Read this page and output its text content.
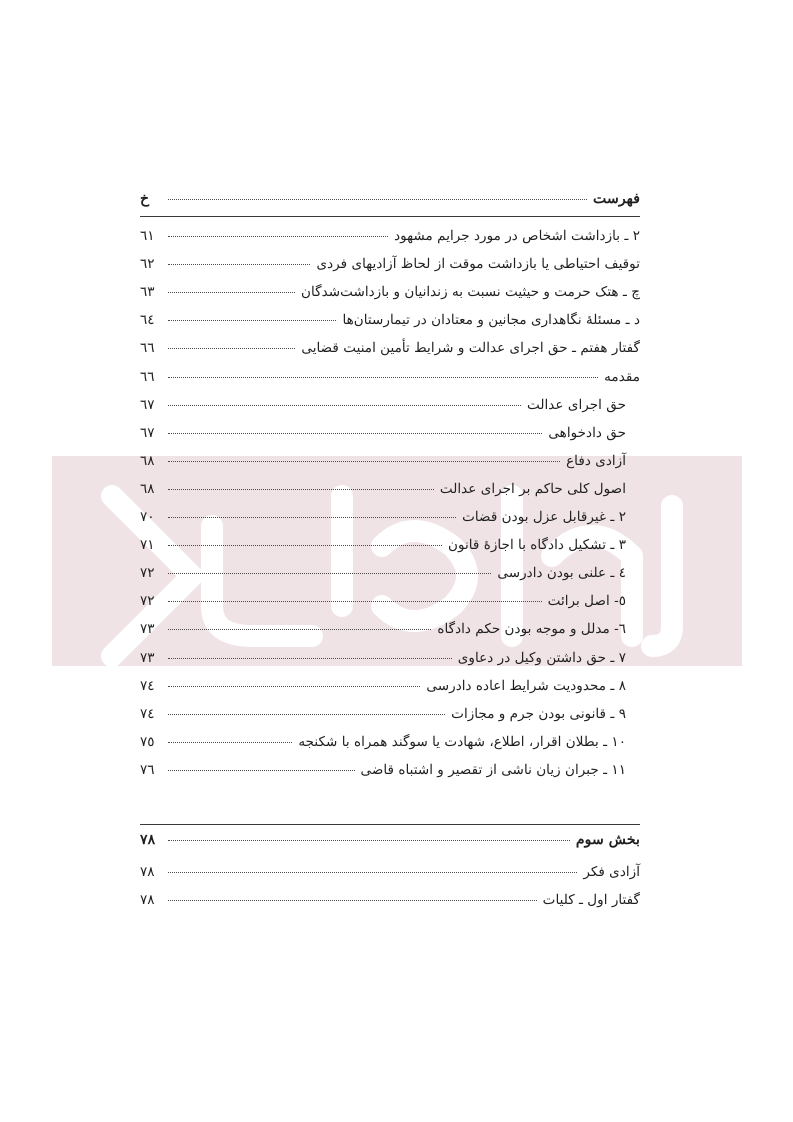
فهرست
خ
بخش سوم
٧٨
۲ ـ بازداشت اشخاص در مورد جرایم مشهود
٦١
توقیف احتیاطی یا بازداشت موقت از لحاظ آزادیهای فردی
٦٢
چ ـ هتک حرمت و حیثیت نسبت به زندانیان و بازداشت‌شدگان
٦٣
د ـ مسئلهٔ نگاهداری مجانین و معتادان در تیمارستان‌ها
٦٤
گفتار هفتم ـ حق اجرای عدالت و شرایط تأمین امنیت قضایی
٦٦
مقدمه
٦٦
حق اجرای عدالت
٦٧
حق دادخواهی
٦٧
آزادی دفاع
٦٨
اصول کلی حاکم بر اجرای عدالت
٦٨
۲ ـ غیرقابل عزل بودن قضات
٧٠
۳ ـ تشکیل دادگاه با اجازهٔ قانون
٧١
٤ ـ علنی بودن دادرسی
٧٢
٥- اصل برائت
٧٢
٦- مدلل و موجه بودن حکم دادگاه
٧٣
٧ ـ حق داشتن وکیل در دعاوی
٧٣
٨ ـ محدودیت شرایط اعاده دادرسی
٧٤
٩ ـ قانونی بودن جرم و مجازات
٧٤
١٠ ـ بطلان اقرار، اطلاع، شهادت یا سوگند همراه با شکنجه
٧٥
١١ ـ جبران زیان ناشی از تقصیر و اشتباه قاضی
٧٦
آزادی فکر
٧٨
گفتار اول ـ کلیات
٧٨
